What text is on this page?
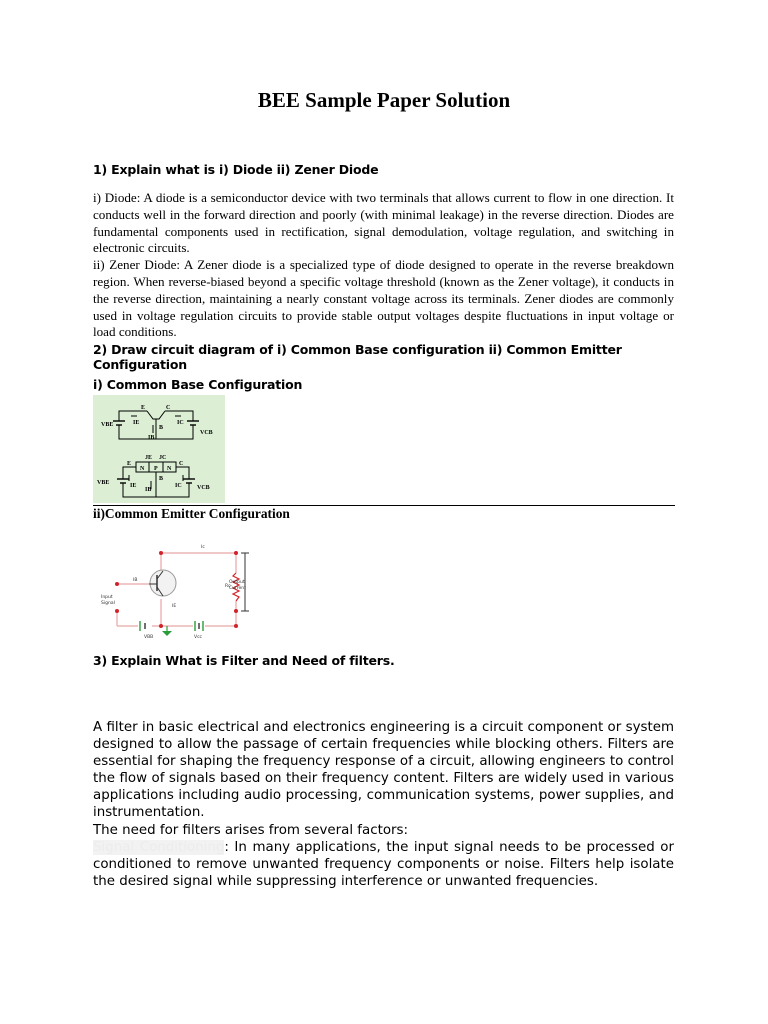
BEE Sample Paper Solution
1) Explain what is i) Diode ii) Zener Diode

i) Diode: A diode is a semiconductor device with two terminals that allows current to flow in one direction. It conducts well in the forward direction and poorly (with minimal leakage) in the reverse direction. Diodes are fundamental components used in rectification, signal demodulation, voltage regulation, and switching in electronic circuits.

ii) Zener Diode: A Zener diode is a specialized type of diode designed to operate in the reverse breakdown region. When reverse-biased beyond a specific voltage threshold (known as the Zener voltage), it conducts in the reverse direction, maintaining a nearly constant voltage across its terminals. Zener diodes are commonly used in voltage regulation circuits to provide stable output voltages despite fluctuations in input voltage or load conditions.

2) Draw circuit diagram of i) Common Base configuration ii) Common Emitter Configuration
i) Common Base Configuration
E	C
B
IE	IC
IB
VBE
VCB
JE JC
N P N
E	C
B
IE	IC
IB
VBE
VCB
ii)Common Emitter Configuration
Ic
IB
IE
Rc
Output
Current
Input
Signal
VBB	Vcc
3) Explain What is Filter and Need of filters.

A filter in basic electrical and electronics engineering is a circuit component or system designed to allow the passage of certain frequencies while blocking others. Filters are essential for shaping the frequency response of a circuit, allowing engineers to control the flow of signals based on their frequency content. Filters are widely used in various applications including audio processing, communication systems, power supplies, and instrumentation.

The need for filters arises from several factors:

Signal Conditioning: In many applications, the input signal needs to be processed or conditioned to remove unwanted frequency components or noise. Filters help isolate the desired signal while suppressing interference or unwanted frequencies.
